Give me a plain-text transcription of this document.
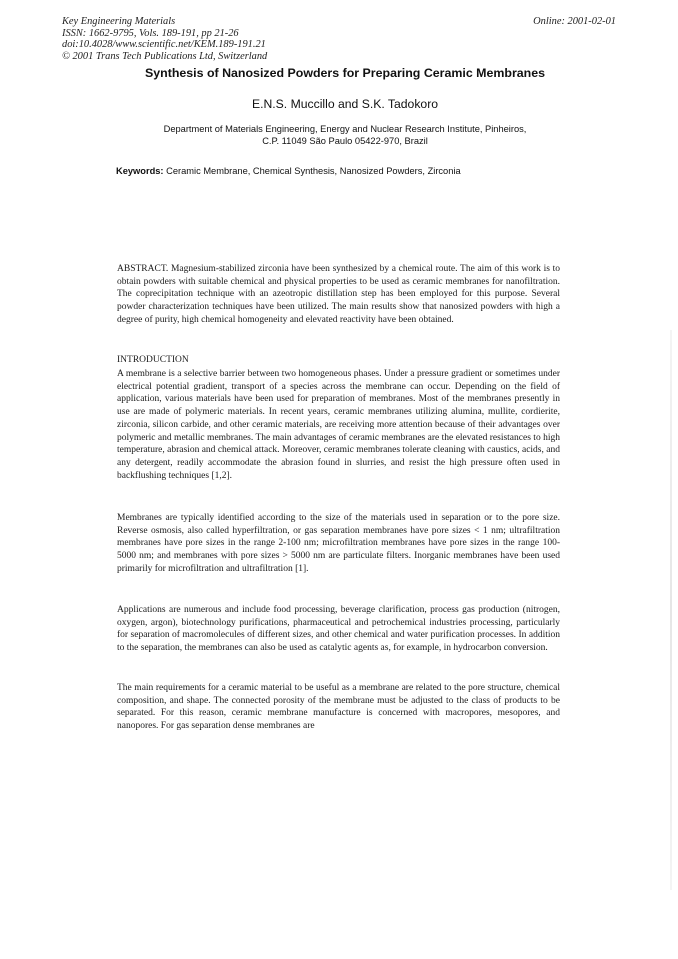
Key Engineering Materials
ISSN: 1662-9795, Vols. 189-191, pp 21-26
doi:10.4028/www.scientific.net/KEM.189-191.21
© 2001 Trans Tech Publications Ltd, Switzerland
Online: 2001-02-01
Synthesis of Nanosized Powders for Preparing Ceramic Membranes
E.N.S. Muccillo and S.K. Tadokoro
Department of Materials Engineering, Energy and Nuclear Research Institute, Pinheiros,
C.P. 11049 São Paulo 05422-970, Brazil
Keywords: Ceramic Membrane, Chemical Synthesis, Nanosized Powders, Zirconia
ABSTRACT. Magnesium-stabilized zirconia have been synthesized by a chemical route. The aim of this work is to obtain powders with suitable chemical and physical properties to be used as ceramic membranes for nanofiltration. The coprecipitation technique with an azeotropic distillation step has been employed for this purpose. Several powder characterization techniques have been utilized. The main results show that nanosized powders with high a degree of purity, high chemical homogeneity and elevated reactivity have been obtained.
INTRODUCTION
A membrane is a selective barrier between two homogeneous phases. Under a pressure gradient or sometimes under electrical potential gradient, transport of a species across the membrane can occur. Depending on the field of application, various materials have been used for preparation of membranes. Most of the membranes presently in use are made of polymeric materials. In recent years, ceramic membranes utilizing alumina, mullite, cordierite, zirconia, silicon carbide, and other ceramic materials, are receiving more attention because of their advantages over polymeric and metallic membranes. The main advantages of ceramic membranes are the elevated resistances to high temperature, abrasion and chemical attack. Moreover, ceramic membranes tolerate cleaning with caustics, acids, and any detergent, readily accommodate the abrasion found in slurries, and resist the high pressure often used in backflushing techniques [1,2].
Membranes are typically identified according to the size of the materials used in separation or to the pore size. Reverse osmosis, also called hyperfiltration, or gas separation membranes have pore sizes < 1 nm; ultrafiltration membranes have pore sizes in the range 2-100 nm; microfiltration membranes have pore sizes in the range 100-5000 nm; and membranes with pore sizes > 5000 nm are particulate filters. Inorganic membranes have been used primarily for microfiltration and ultrafiltration [1].
Applications are numerous and include food processing, beverage clarification, process gas production (nitrogen, oxygen, argon), biotechnology purifications, pharmaceutical and petrochemical industries processing, particularly for separation of macromolecules of different sizes, and other chemical and water purification processes. In addition to the separation, the membranes can also be used as catalytic agents as, for example, in hydrocarbon conversion.
The main requirements for a ceramic material to be useful as a membrane are related to the pore structure, chemical composition, and shape. The connected porosity of the membrane must be adjusted to the class of products to be separated. For this reason, ceramic membrane manufacture is concerned with macropores, mesopores, and nanopores. For gas separation dense membranes are
